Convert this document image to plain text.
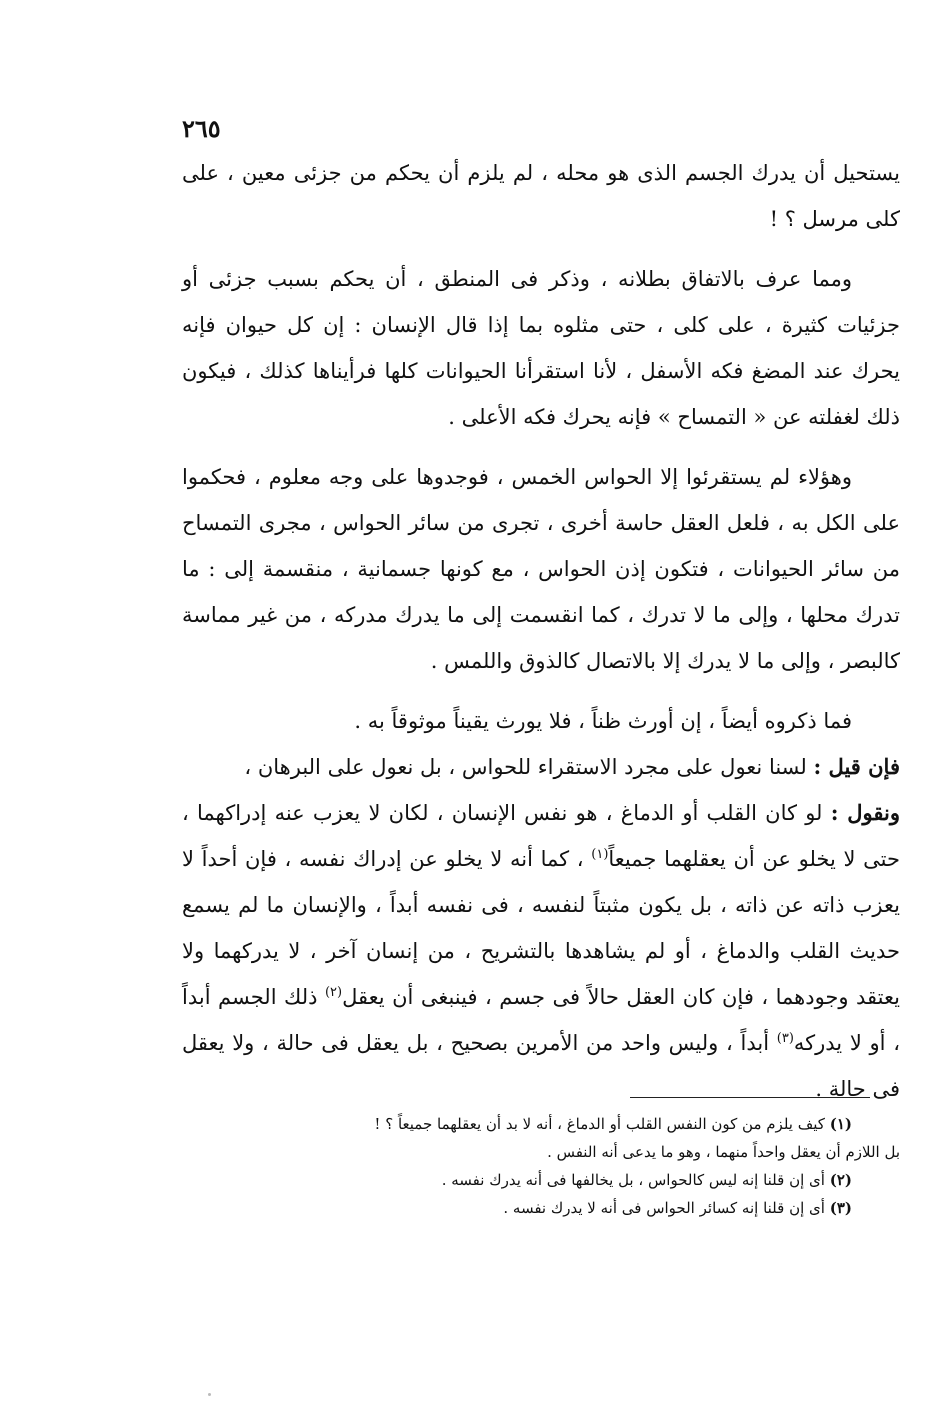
٢٦٥

يستحيل أن يدرك الجسم الذى هو محله ، لم يلزم أن يحكم من جزئى معين ، على كلى مرسل ؟ !

ومما عرف بالاتفاق بطلانه ، وذكر فى المنطق ، أن يحكم بسبب جزئى أو جزئيات كثيرة ، على كلى ، حتى مثلوه بما إذا قال الإنسان : إن كل حيوان فإنه يحرك عند المضغ فكه الأسفل ، لأنا استقرأنا الحيوانات كلها فرأيناها كذلك ، فيكون ذلك لغفلته عن « التمساح » فإنه يحرك فكه الأعلى .

وهؤلاء لم يستقرئوا إلا الحواس الخمس ، فوجدوها على وجه معلوم ، فحكموا على الكل به ، فلعل العقل حاسة أخرى ، تجرى من سائر الحواس ، مجرى التمساح من سائر الحيوانات ، فتكون إذن الحواس ، مع كونها جسمانية ، منقسمة إلى : ما تدرك محلها ، وإلى ما لا تدرك ، كما انقسمت إلى ما يدرك مدركه ، من غير مماسة كالبصر ، وإلى ما لا يدرك إلا بالاتصال كالذوق واللمس .

فما ذكروه أيضاً ، إن أورث ظناً ، فلا يورث يقيناً موثوقاً به .

فإن قيل : لسنا نعول على مجرد الاستقراء للحواس ، بل نعول على البرهان ،

ونقول : لو كان القلب أو الدماغ ، هو نفس الإنسان ، لكان لا يعزب عنه إدراكهما ، حتى لا يخلو عن أن يعقلهما جميعاً$^{(١)}$ ، كما أنه لا يخلو عن إدراك نفسه ، فإن أحداً لا يعزب ذاته عن ذاته ، بل يكون مثبتاً لنفسه ، فى نفسه أبداً ، والإنسان ما لم يسمع حديث القلب والدماغ ، أو لم يشاهدها بالتشريح ، من إنسان آخر ، لا يدركهما ولا يعتقد وجودهما ، فإن كان العقل حالاً فى جسم ، فينبغى أن يعقل$^{(٢)}$ ذلك الجسم أبداً ، أو لا يدركه$^{(٣)}$ أبداً ، وليس واحد من الأمرين بصحيح ، بل يعقل فى حالة ، ولا يعقل فى حالة .

(١) كيف يلزم من كون النفس القلب أو الدماغ ، أنه لا بد أن يعقلهما جميعاً ؟ !

بل اللازم أن يعقل واحداً منهما ، وهو ما يدعى أنه النفس .

(٢) أى إن قلنا إنه ليس كالحواس ، بل يخالفها فى أنه يدرك نفسه .

(٣) أى إن قلنا إنه كسائر الحواس فى أنه لا يدرك نفسه .
